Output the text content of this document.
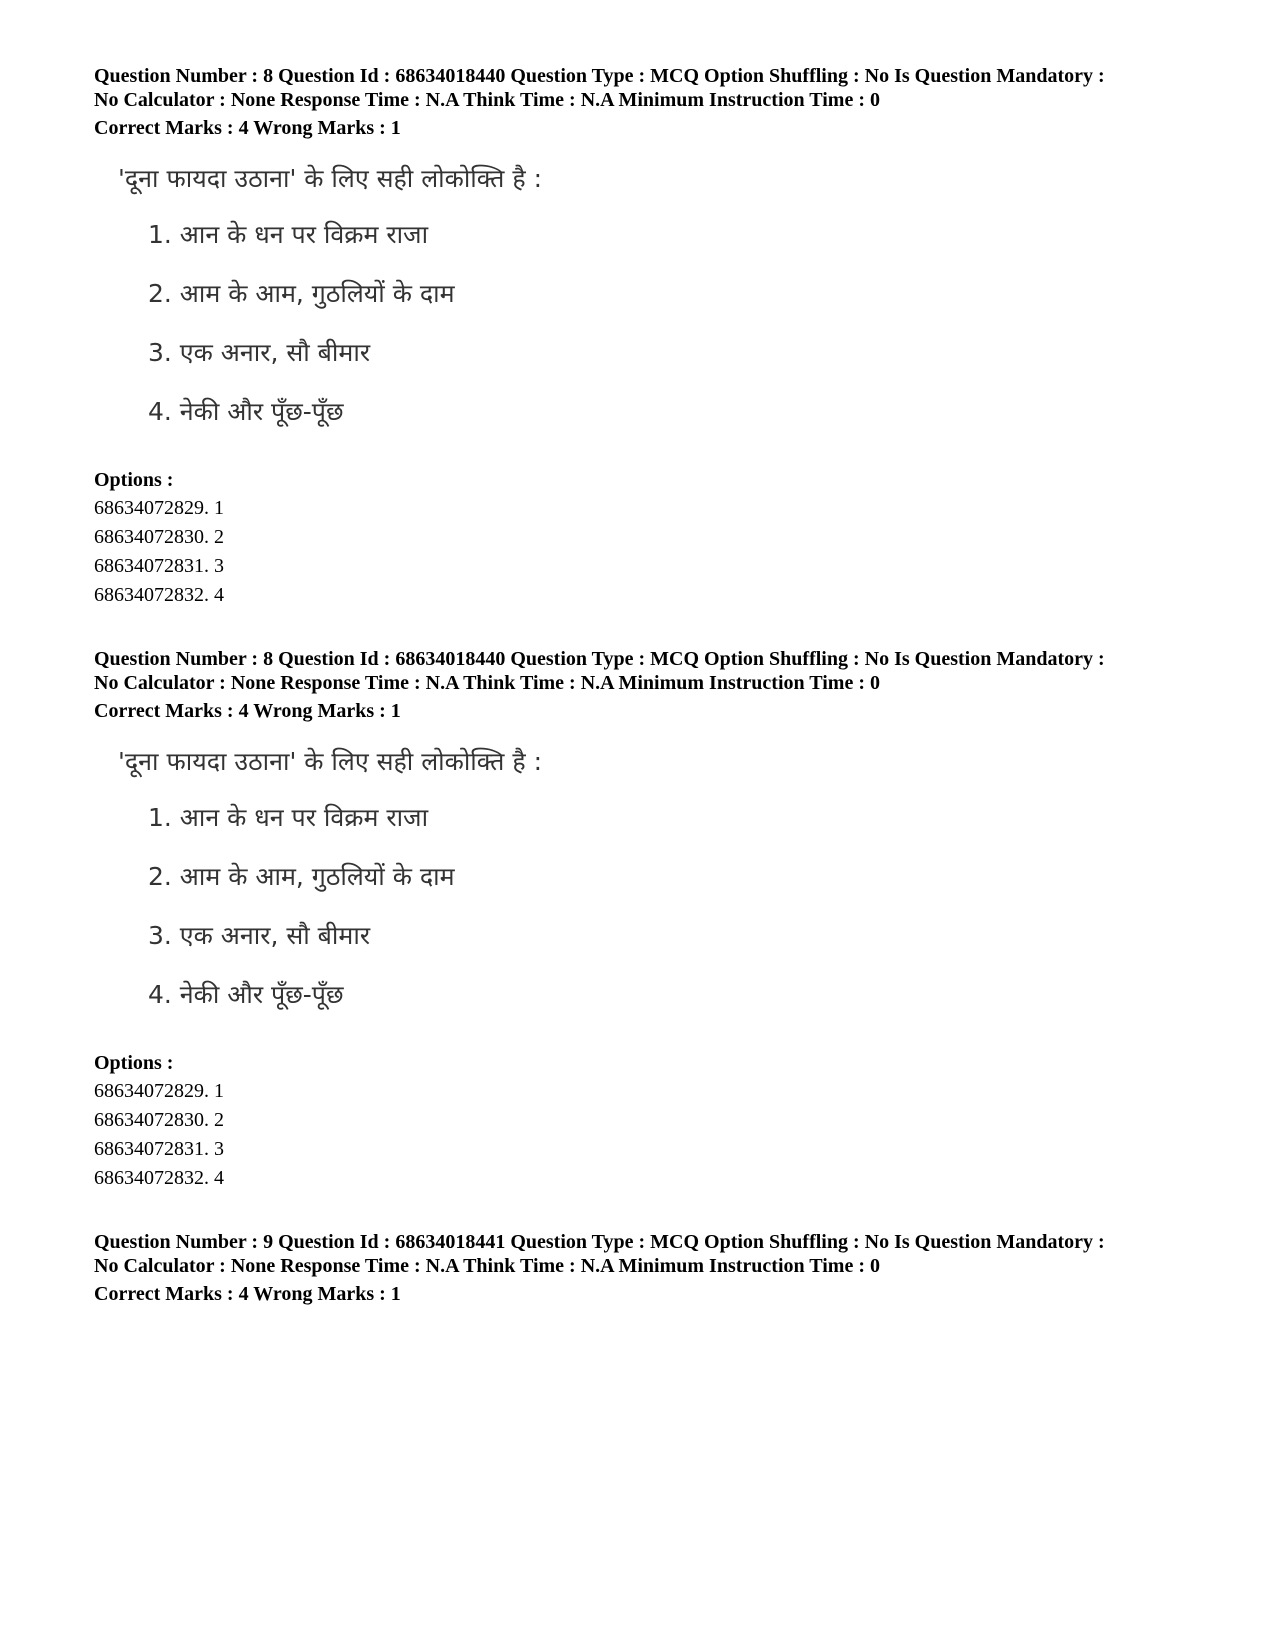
Question Number : 8 Question Id : 68634018440 Question Type : MCQ Option Shuffling : No Is Question Mandatory :
No Calculator : None Response Time : N.A Think Time : N.A Minimum Instruction Time : 0
Correct Marks : 4 Wrong Marks : 1
'दूना फायदा उठाना' के लिए सही लोकोक्ति है :
1. आन के धन पर विक्रम राजा
2. आम के आम, गुठलियों के दाम
3. एक अनार, सौ बीमार
4. नेकी और पूँछ-पूँछ
Options :
68634072829. 1
68634072830. 2
68634072831. 3
68634072832. 4
Question Number : 8 Question Id : 68634018440 Question Type : MCQ Option Shuffling : No Is Question Mandatory :
No Calculator : None Response Time : N.A Think Time : N.A Minimum Instruction Time : 0
Correct Marks : 4 Wrong Marks : 1
'दूना फायदा उठाना' के लिए सही लोकोक्ति है :
1. आन के धन पर विक्रम राजा
2. आम के आम, गुठलियों के दाम
3. एक अनार, सौ बीमार
4. नेकी और पूँछ-पूँछ
Options :
68634072829. 1
68634072830. 2
68634072831. 3
68634072832. 4
Question Number : 9 Question Id : 68634018441 Question Type : MCQ Option Shuffling : No Is Question Mandatory :
No Calculator : None Response Time : N.A Think Time : N.A Minimum Instruction Time : 0
Correct Marks : 4 Wrong Marks : 1
